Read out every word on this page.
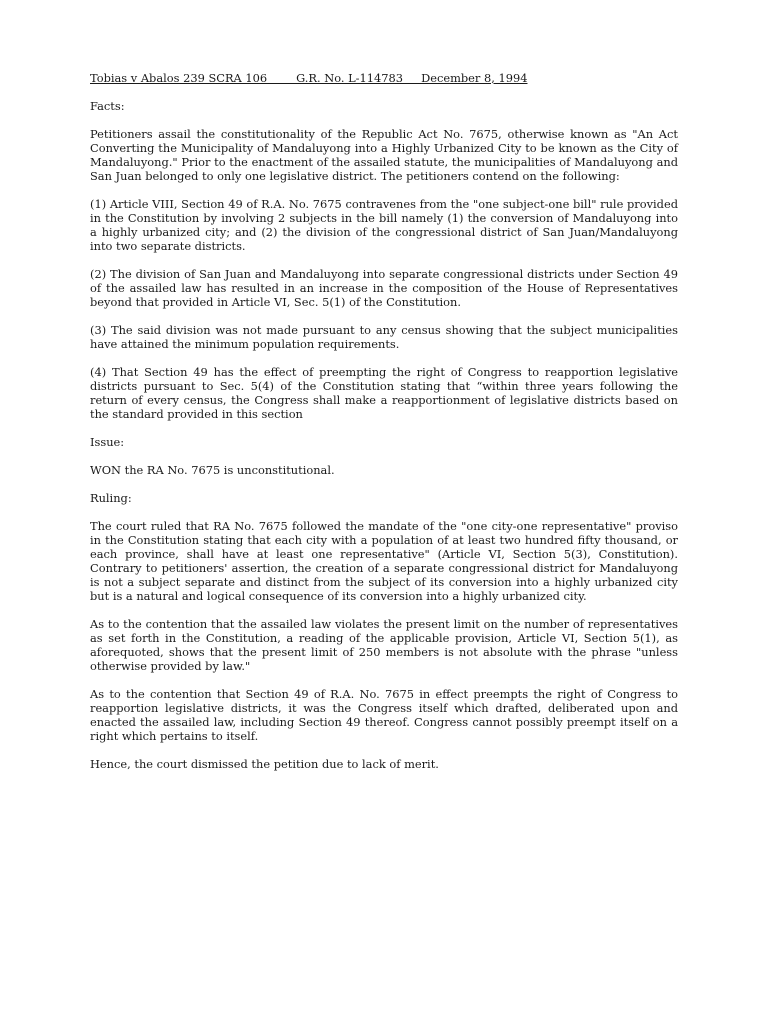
Tobias v Abalos 239 SCRA 106        G.R. No. L-114783     December 8, 1994
Facts:

Petitioners assail the constitutionality of the Republic Act No. 7675, otherwise known as "An Act Converting the Municipality of Mandaluyong into a Highly Urbanized City to be known as the City of Mandaluyong." Prior to the enactment of the assailed statute, the municipalities of Mandaluyong and San Juan belonged to only one legislative district. The petitioners contend on the following:

(1) Article VIII, Section 49 of R.A. No. 7675 contravenes from the "one subject-one bill" rule provided in the Constitution by involving 2 subjects in the bill namely (1) the conversion of Mandaluyong into a highly urbanized city; and (2) the division of the congressional district of San Juan/Mandaluyong into two separate districts.

(2) The division of San Juan and Mandaluyong into separate congressional districts under Section 49 of the assailed law has resulted in an increase in the composition of the House of Representatives beyond that provided in Article VI, Sec. 5(1) of the Constitution.

(3) The said division was not made pursuant to any census showing that the subject municipalities have attained the minimum population requirements.

(4) That Section 49 has the effect of preempting the right of Congress to reapportion legislative districts pursuant to Sec. 5(4) of the Constitution stating that “within three years following the return of every census, the Congress shall make a reapportionment of legislative districts based on the standard provided in this section

Issue:

WON the RA No. 7675 is unconstitutional.

Ruling:

The court ruled that RA No. 7675 followed the mandate of the "one city-one representative" proviso in the Constitution stating that each city with a population of at least two hundred fifty thousand, or each province, shall have at least one representative" (Article VI, Section 5(3), Constitution). Contrary to petitioners' assertion, the creation of a separate congressional district for Mandaluyong is not a subject separate and distinct from the subject of its conversion into a highly urbanized city but is a natural and logical consequence of its conversion into a highly urbanized city.

As to the contention that the assailed law violates the present limit on the number of representatives as set forth in the Constitution, a reading of the applicable provision, Article VI, Section 5(1), as aforequoted, shows that the present limit of 250 members is not absolute with the phrase "unless otherwise provided by law."

As to the contention that Section 49 of R.A. No. 7675 in effect preempts the right of Congress to reapportion legislative districts, it was the Congress itself which drafted, deliberated upon and enacted the assailed law, including Section 49 thereof. Congress cannot possibly preempt itself on a right which pertains to itself.

Hence, the court dismissed the petition due to lack of merit.
